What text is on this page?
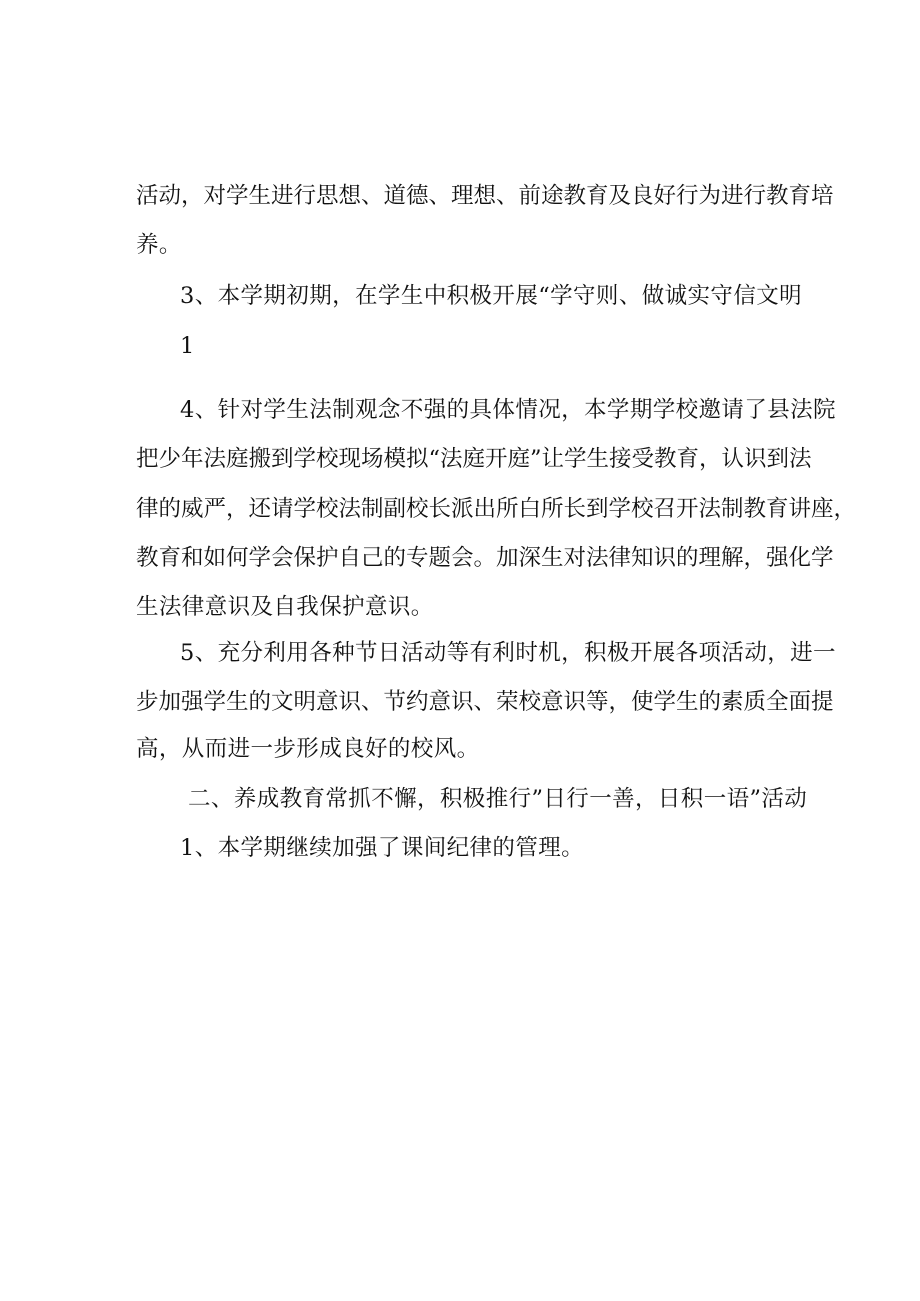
活动，对学生进行思想、道德、理想、前途教育及良好行为进行教育培
养。
3、本学期初期，在学生中积极开展“学守则、做诚实守信文明
1
4、针对学生法制观念不强的具体情况，本学期学校邀请了县法院
把少年法庭搬到学校现场模拟“法庭开庭”让学生接受教育，认识到法
律的威严，还请学校法制副校长派出所白所长到学校召开法制教育讲座，
教育和如何学会保护自己的专题会。加深生对法律知识的理解，强化学
生法律意识及自我保护意识。
5、充分利用各种节日活动等有利时机，积极开展各项活动，进一
步加强学生的文明意识、节约意识、荣校意识等，使学生的素质全面提
高，从而进一步形成良好的校风。
二、养成教育常抓不懈，积极推行”日行一善，日积一语”活动
1、本学期继续加强了课间纪律的管理。
